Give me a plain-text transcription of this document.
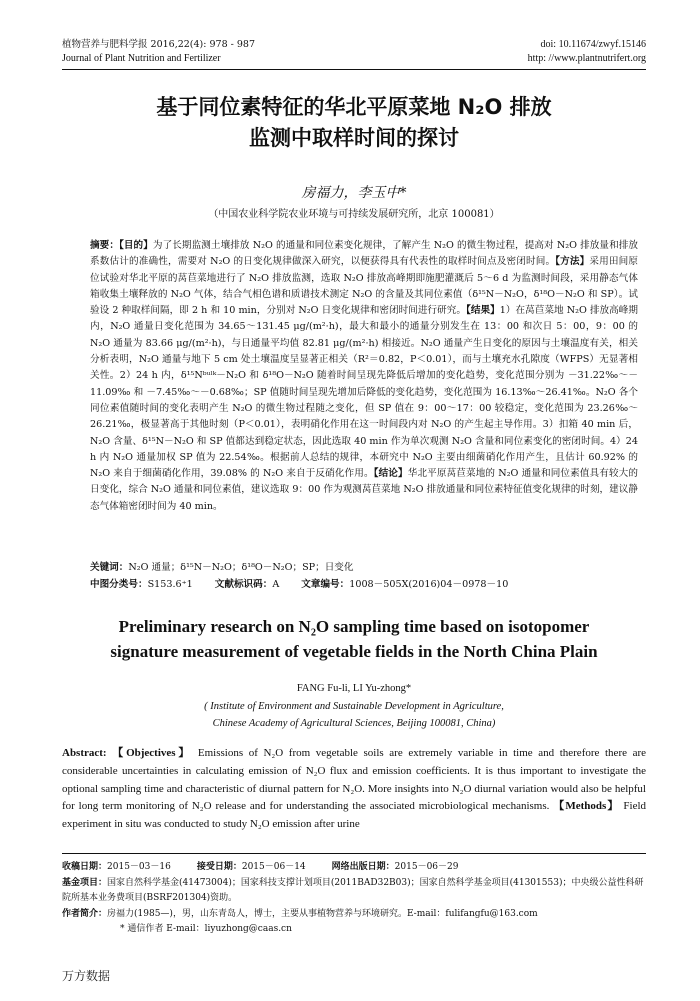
植物营养与肥料学报 2016,22(4): 978 - 987	doi: 10.11674/zwyf.15146
Journal of Plant Nutrition and Fertilizer	http: //www.plantnutrifert.org
基于同位素特征的华北平原菜地 N₂O 排放
监测中取样时间的探讨
房福力，李玉中*
（中国农业科学院农业环境与可持续发展研究所，北京 100081）
摘要：【目的】为了长期监测土壤排放 N₂O 的通量和同位素变化规律，了解产生 N₂O 的微生物过程，提高对 N₂O 排放量和排放系数估计的准确性，需要对 N₂O 的日变化规律做深入研究，以便获得具有代表性的取样时间点及密闭时间。【方法】采用田间原位试验对华北平原的莴苣菜地进行了 N₂O 排放监测，选取 N₂O 排放高峰期即施肥灌溉后 5～6 d 为监测时间段，采用静态气体箱收集土壤释放的 N₂O 气体，结合气相色谱和质谱技术测定 N₂O 的含量及其同位素值（δ¹⁵N－N₂O，δ¹⁸O－N₂O 和 SP）。试验设 2 种取样间隔，即 2 h 和 10 min，分别对 N₂O 日变化规律和密闭时间进行研究。【结果】1）在莴苣菜地 N₂O 排放高峰期内，N₂O 通量日变化范围为 34.65～131.45 μg/(m²·h)，最大和最小的通量分别发生在 13：00 和次日 5：00，9：00 的 N₂O 通量为 83.66 μg/(m²·h)，与日通量平均值 82.81 μg/(m²·h) 相接近。N₂O 通量产生日变化的原因与土壤温度有关，相关分析表明，N₂O 通量与地下 5 cm 处土壤温度呈显著正相关（R²＝0.82，P＜0.01），而与土壤充水孔隙度（WFPS）无显著相关性。2）24 h 内，δ¹⁵Nᵇᵘˡᵏ－N₂O 和 δ¹⁸O－N₂O 随着时间呈现先降低后增加的变化趋势，变化范围分别为 －31.22‰～－11.09‰ 和 －7.45‰～－0.68‰；SP 值随时间呈现先增加后降低的变化趋势，变化范围为 16.13‰～26.41‰。N₂O 各个同位素值随时间的变化表明产生 N₂O 的微生物过程随之变化，但 SP 值在 9：00～17：00 较稳定，变化范围为 23.26‰～26.21‰，极显著高于其他时刻（P＜0.01），表明硝化作用在这一时间段内对 N₂O 的产生起主导作用。3）扣箱 40 min 后，N₂O 含量、δ¹⁵N－N₂O 和 SP 值都达到稳定状态，因此选取 40 min 作为单次观测 N₂O 含量和同位素变化的密闭时间。4）24 h 内 N₂O 通量加权 SP 值为 22.54‰。根据前人总结的规律，本研究中 N₂O 主要由细菌硝化作用产生，且估计 60.92% 的 N₂O 来自于细菌硝化作用，39.08% 的 N₂O 来自于反硝化作用。【结论】华北平原莴苣菜地的 N₂O 通量和同位素值具有较大的日变化，综合 N₂O 通量和同位素值，建议选取 9：00 作为观测莴苣菜地 N₂O 排放通量和同位素特征值变化规律的时刻，建议静态气体箱密闭时间为 40 min。
关键词：N₂O 通量；δ¹⁵N－N₂O；δ¹⁸O－N₂O；SP；日变化
中图分类号：S153.6⁺1 文献标识码：A 文章编号：1008－505X(2016)04－0978－10
Preliminary research on N₂O sampling time based on isotopomer
signature measurement of vegetable fields in the North China Plain
FANG Fu-li, LI Yu-zhong*
( Institute of Environment and Sustainable Development in Agriculture, Chinese Academy of Agricultural Sciences, Beijing 100081, China)
Abstract: 【Objectives】 Emissions of N₂O from vegetable soils are extremely variable in time and therefore there are considerable uncertainties in calculating emission of N₂O flux and emission coefficients. It is thus important to investigate the optional sampling time and characteristic of diurnal pattern for N₂O. More insights into N₂O diurnal variation would also be helpful for long term monitoring of N₂O release and for understanding the associated microbiological mechanisms. 【Methods】 Field experiment in situ was conducted to study N₂O emission after urine
收稿日期：2015－03－16	接受日期：2015－06－14	网络出版日期：2015－06－29
基金项目：国家自然科学基金(41473004)；国家科技支撑计划项目(2011BAD32B03)；国家自然科学基金项目(41301553)；中央级公益性科研院所基本业务费项目(BSRF201304)资助。
作者简介：房福力(1985—)，男，山东青岛人，博士，主要从事植物营养与环境研究。E-mail：fulifangfu@163.com
* 通信作者 E-mail：liyuzhong@caas.cn
万方数据
